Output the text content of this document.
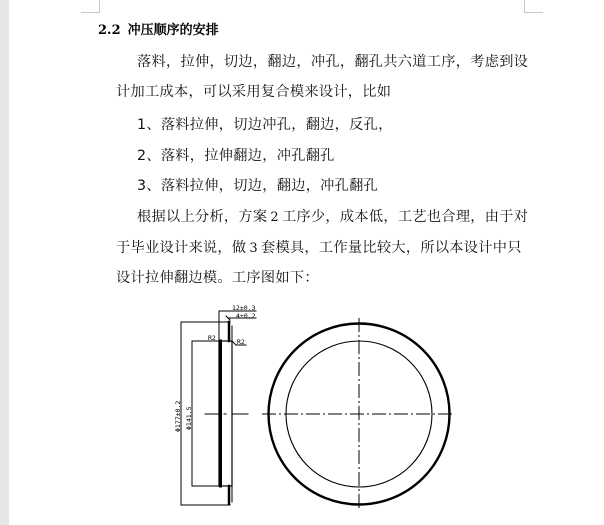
2.2 冲压顺序的安排
落料，拉伸，切边，翻边，冲孔，翻孔共六道工序，考虑到设
计加工成本，可以采用复合模来设计，比如
1、落料拉伸，切边冲孔，翻边，反孔，
2、落料，拉伸翻边，冲孔翻孔
3、落料拉伸，切边，翻边，冲孔翻孔
根据以上分析，方案 2 工序少，成本低，工艺也合理，由于对
于毕业设计来说，做 3 套模具，工作量比较大，所以本设计中只
设计拉伸翻边模。工序图如下：
12±0.3
4±0.2
R2	R2
Φ177±0.2 Φ141.5
